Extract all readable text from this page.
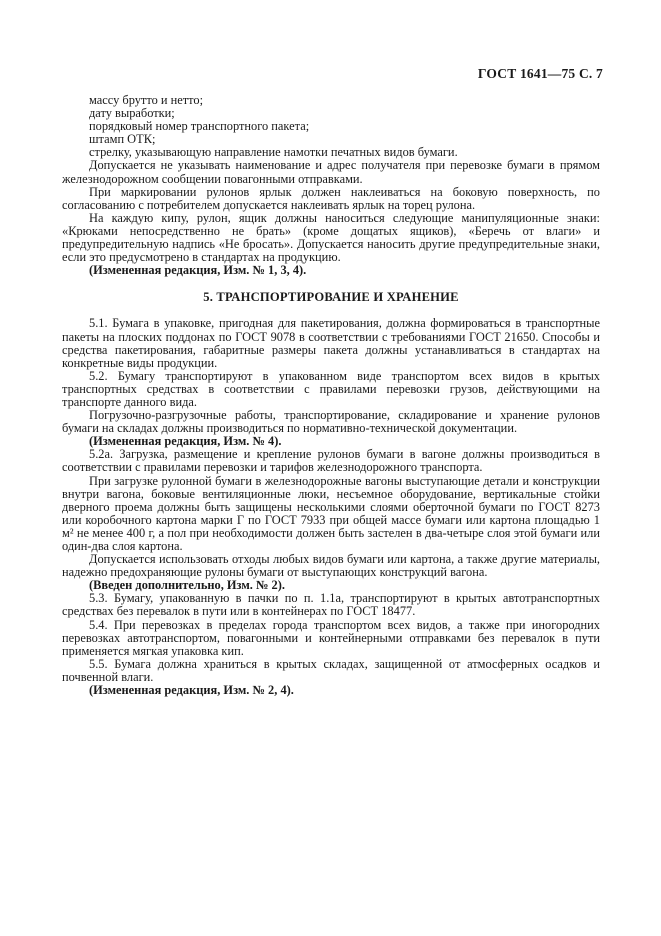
ГОСТ 1641—75 С. 7

массу брутто и нетто;

дату выработки;

порядковый номер транспортного пакета;

штамп ОТК;

стрелку, указывающую направление намотки печатных видов бумаги.

Допускается не указывать наименование и адрес получателя при перевозке бумаги в прямом железнодорожном сообщении повагонными отправками.

При маркировании рулонов ярлык должен наклеиваться на боковую поверхность, по согласованию с потребителем допускается наклеивать ярлык на торец рулона.

На каждую кипу, рулон, ящик должны наноситься следующие манипуляционные знаки: «Крюками непосредственно не брать» (кроме дощатых ящиков), «Беречь от влаги» и предупредительную надпись «Не бросать». Допускается наносить другие предупредительные знаки, если это предусмотрено в стандартах на продукцию.

(Измененная редакция, Изм. № 1, 3, 4).

5. ТРАНСПОРТИРОВАНИЕ И ХРАНЕНИЕ

5.1. Бумага в упаковке, пригодная для пакетирования, должна формироваться в транспортные пакеты на плоских поддонах по ГОСТ 9078 в соответствии с требованиями ГОСТ 21650. Способы и средства пакетирования, габаритные размеры пакета должны устанавливаться в стандартах на конкретные виды продукции.

5.2. Бумагу транспортируют в упакованном виде транспортом всех видов в крытых транспортных средствах в соответствии с правилами перевозки грузов, действующими на транспорте данного вида.

Погрузочно-разгрузочные работы, транспортирование, складирование и хранение рулонов бумаги на складах должны производиться по нормативно-технической документации.

(Измененная редакция, Изм. № 4).

5.2а. Загрузка, размещение и крепление рулонов бумаги в вагоне должны производиться в соответствии с правилами перевозки и тарифов железнодорожного транспорта.

При загрузке рулонной бумаги в железнодорожные вагоны выступающие детали и конструкции внутри вагона, боковые вентиляционные люки, несъемное оборудование, вертикальные стойки дверного проема должны быть защищены несколькими слоями оберточной бумаги по ГОСТ 8273 или коробочного картона марки Г по ГОСТ 7933 при общей массе бумаги или картона площадью 1 м² не менее 400 г, а пол при необходимости должен быть застелен в два-четыре слоя этой бумаги или один-два слоя картона.

Допускается использовать отходы любых видов бумаги или картона, а также другие материалы, надежно предохраняющие рулоны бумаги от выступающих конструкций вагона.

(Введен дополнительно, Изм. № 2).

5.3. Бумагу, упакованную в пачки по п. 1.1а, транспортируют в крытых автотранспортных средствах без перевалок в пути или в контейнерах по ГОСТ 18477.

5.4. При перевозках в пределах города транспортом всех видов, а также при иногородних перевозках автотранспортом, повагонными и контейнерными отправками без перевалок в пути применяется мягкая упаковка кип.

5.5. Бумага должна храниться в крытых складах, защищенной от атмосферных осадков и почвенной влаги.

(Измененная редакция, Изм. № 2, 4).
